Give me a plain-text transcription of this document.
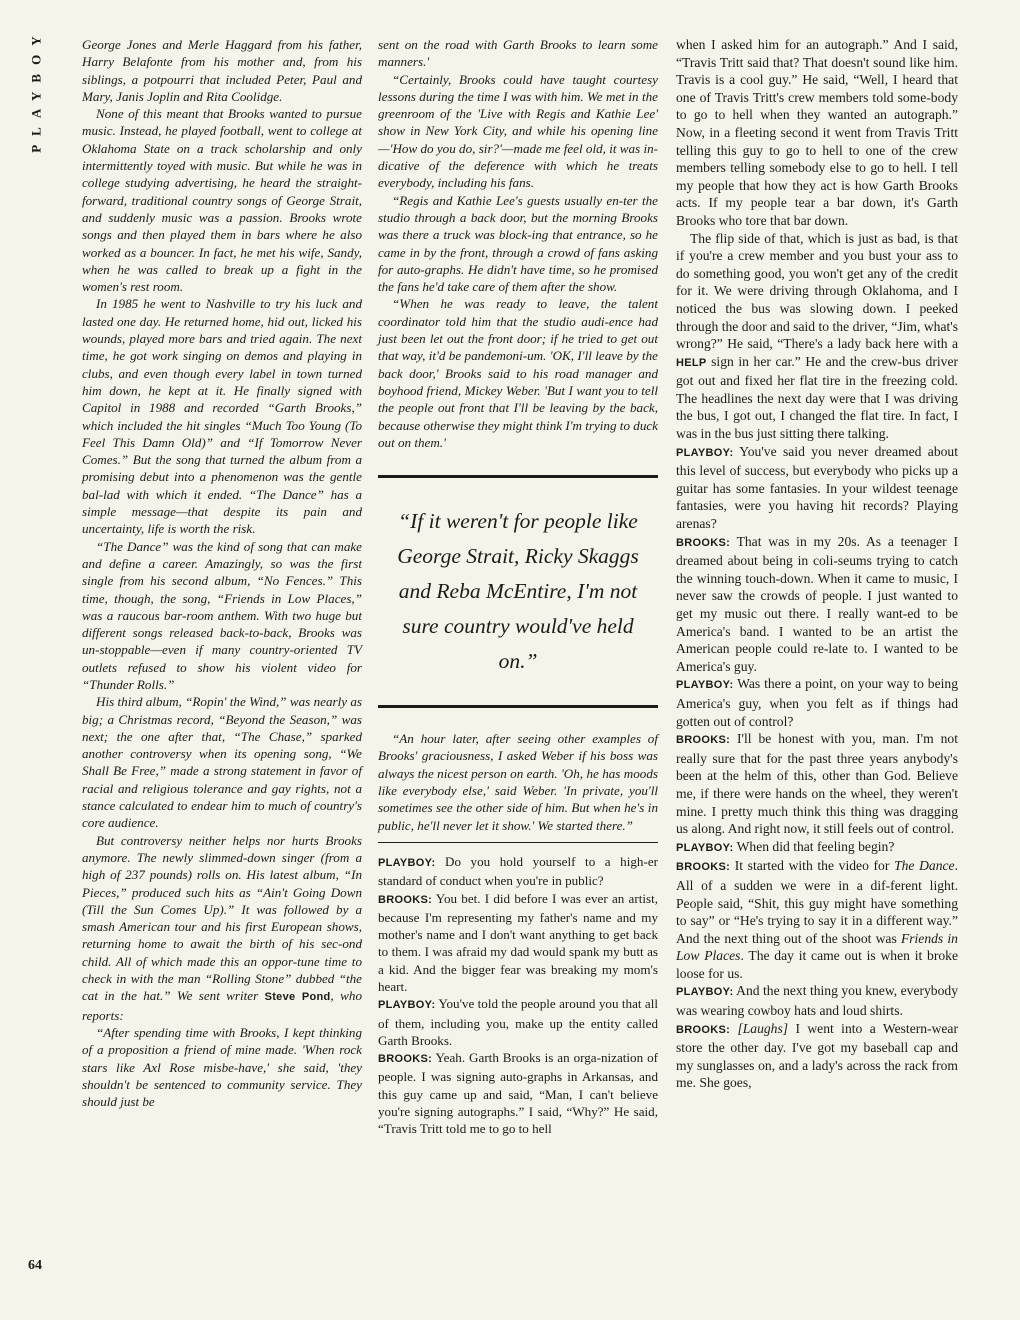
PLAYBOY
64

George Jones and Merle Haggard from his father, Harry Belafonte from his mother and, from his siblings, a potpourri that included Peter, Paul and Mary, Janis Joplin and Rita Coolidge.

None of this meant that Brooks wanted to pursue music. Instead, he played football, went to college at Oklahoma State on a track scholarship and only intermittently toyed with music. But while he was in college studying advertising, he heard the straight-forward, traditional country songs of George Strait, and suddenly music was a passion. Brooks wrote songs and then played them in bars where he also worked as a bouncer. In fact, he met his wife, Sandy, when he was called to break up a fight in the women's rest room.

In 1985 he went to Nashville to try his luck and lasted one day. He returned home, hid out, licked his wounds, played more bars and tried again. The next time, he got work singing on demos and playing in clubs, and even though every label in town turned him down, he kept at it. He finally signed with Capitol in 1988 and recorded “Garth Brooks,” which included the hit singles “Much Too Young (To Feel This Damn Old)” and “If Tomorrow Never Comes.” But the song that turned the album from a promising debut into a phenomenon was the gentle bal-lad with which it ended. “The Dance” has a simple message—that despite its pain and uncertainty, life is worth the risk.

“The Dance” was the kind of song that can make and define a career. Amazingly, so was the first single from his second album, “No Fences.” This time, though, the song, “Friends in Low Places,” was a raucous bar-room anthem. With two huge but different songs released back-to-back, Brooks was un-stoppable—even if many country-oriented TV outlets refused to show his violent video for “Thunder Rolls.”

His third album, “Ropin' the Wind,” was nearly as big; a Christmas record, “Beyond the Season,” was next; the one after that, “The Chase,” sparked another controversy when its opening song, “We Shall Be Free,” made a strong statement in favor of racial and religious tolerance and gay rights, not a stance calculated to endear him to much of country's core audience.

But controversy neither helps nor hurts Brooks anymore. The newly slimmed-down singer (from a high of 237 pounds) rolls on. His latest album, “In Pieces,” produced such hits as “Ain't Going Down (Till the Sun Comes Up).” It was followed by a smash American tour and his first European shows, returning home to await the birth of his sec-ond child. All of which made this an oppor-tune time to check in with the man “Rolling Stone” dubbed “the cat in the hat.” We sent writer Steve Pond, who reports:

“After spending time with Brooks, I kept thinking of a proposition a friend of mine made. 'When rock stars like Axl Rose misbe-have,' she said, 'they shouldn't be sentenced to community service. They should just be

sent on the road with Garth Brooks to learn some manners.'

“Certainly, Brooks could have taught courtesy lessons during the time I was with him. We met in the greenroom of the 'Live with Regis and Kathie Lee' show in New York City, and while his opening line—'How do you do, sir?'—made me feel old, it was in-dicative of the deference with which he treats everybody, including his fans.

“Regis and Kathie Lee's guests usually en-ter the studio through a back door, but the morning Brooks was there a truck was block-ing that entrance, so he came in by the front, through a crowd of fans asking for auto-graphs. He didn't have time, so he promised the fans he'd take care of them after the show.

“When he was ready to leave, the talent coordinator told him that the studio audi-ence had just been let out the front door; if he tried to get out that way, it'd be pandemoni-um. 'OK, I'll leave by the back door,' Brooks said to his road manager and boyhood friend, Mickey Weber. 'But I want you to tell the people out front that I'll be leaving by the back, because otherwise they might think I'm trying to duck out on them.'

“If it weren't for people like George Strait, Ricky Skaggs and Reba McEntire, I'm not sure country would've held on.”

“An hour later, after seeing other examples of Brooks' graciousness, I asked Weber if his boss was always the nicest person on earth. 'Oh, he has moods like everybody else,' said Weber. 'In private, you'll sometimes see the other side of him. But when he's in public, he'll never let it show.' We started there.”

PLAYBOY: Do you hold yourself to a high-er standard of conduct when you're in public?

BROOKS: You bet. I did before I was ever an artist, because I'm representing my father's name and my mother's name and I don't want anything to get back to them. I was afraid my dad would spank my butt as a kid. And the bigger fear was breaking my mom's heart.

PLAYBOY: You've told the people around you that all of them, including you, make up the entity called Garth Brooks.

BROOKS: Yeah. Garth Brooks is an orga-nization of people. I was signing auto-graphs in Arkansas, and this guy came up and said, “Man, I can't believe you're signing autographs.” I said, “Why?” He said, “Travis Tritt told me to go to hell

when I asked him for an autograph.” And I said, “Travis Tritt said that? That doesn't sound like him. Travis is a cool guy.” He said, “Well, I heard that one of Travis Tritt's crew members told some-body to go to hell when they wanted an autograph.” Now, in a fleeting second it went from Travis Tritt telling this guy to go to hell to one of the crew members telling somebody else to go to hell. I tell my people that how they act is how Garth Brooks acts. If my people tear a bar down, it's Garth Brooks who tore that bar down.

The flip side of that, which is just as bad, is that if you're a crew member and you bust your ass to do something good, you won't get any of the credit for it. We were driving through Oklahoma, and I noticed the bus was slowing down. I peeked through the door and said to the driver, “Jim, what's wrong?” He said, “There's a lady back here with a HELP sign in her car.” He and the crew-bus driver got out and fixed her flat tire in the freezing cold. The headlines the next day were that I was driving the bus, I got out, I changed the flat tire. In fact, I was in the bus just sitting there talking.

PLAYBOY: You've said you never dreamed about this level of success, but everybody who picks up a guitar has some fantasies. In your wildest teenage fantasies, were you having hit records? Playing arenas?

BROOKS: That was in my 20s. As a teenager I dreamed about being in coli-seums trying to catch the winning touch-down. When it came to music, I never saw the crowds of people. I just wanted to get my music out there. I really want-ed to be America's band. I wanted to be an artist the American people could re-late to. I wanted to be America's guy.

PLAYBOY: Was there a point, on your way to being America's guy, when you felt as if things had gotten out of control?

BROOKS: I'll be honest with you, man. I'm not really sure that for the past three years anybody's been at the helm of this, other than God. Believe me, if there were hands on the wheel, they weren't mine. I pretty much think this thing was dragging us along. And right now, it still feels out of control.

PLAYBOY: When did that feeling begin?

BROOKS: It started with the video for The Dance. All of a sudden we were in a dif-ferent light. People said, “Shit, this guy might have something to say” or “He's trying to say it in a different way.” And the next thing out of the shoot was Friends in Low Places. The day it came out is when it broke loose for us.

PLAYBOY: And the next thing you knew, everybody was wearing cowboy hats and loud shirts.

BROOKS: [Laughs] I went into a Western-wear store the other day. I've got my baseball cap and my sunglasses on, and a lady's across the rack from me. She goes,
